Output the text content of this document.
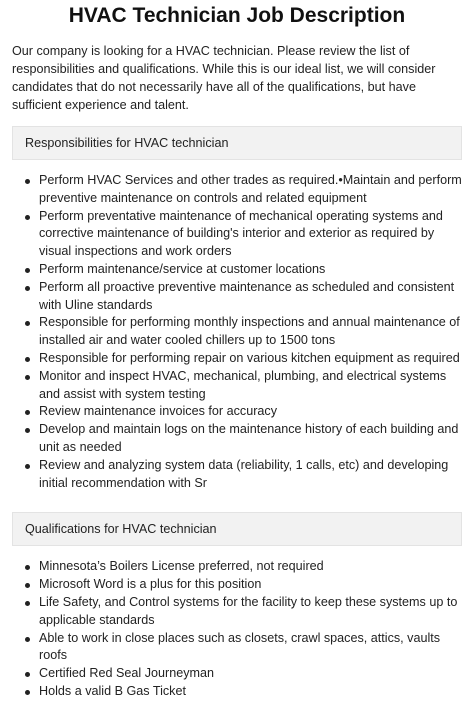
HVAC Technician Job Description

Our company is looking for a HVAC technician. Please review the list of responsibilities and qualifications. While this is our ideal list, we will consider candidates that do not necessarily have all of the qualifications, but have sufficient experience and talent.

Responsibilities for HVAC technician
Perform HVAC Services and other trades as required.•Maintain and perform preventive maintenance on controls and related equipment
Perform preventative maintenance of mechanical operating systems and corrective maintenance of building's interior and exterior as required by visual inspections and work orders
Perform maintenance/service at customer locations
Perform all proactive preventive maintenance as scheduled and consistent with Uline standards
Responsible for performing monthly inspections and annual maintenance of installed air and water cooled chillers up to 1500 tons
Responsible for performing repair on various kitchen equipment as required
Monitor and inspect HVAC, mechanical, plumbing, and electrical systems and assist with system testing
Review maintenance invoices for accuracy
Develop and maintain logs on the maintenance history of each building and unit as needed
Review and analyzing system data (reliability, 1 calls, etc) and developing initial recommendation with Sr
Qualifications for HVAC technician
Minnesota’s Boilers License preferred, not required
Microsoft Word is a plus for this position
Life Safety, and Control systems for the facility to keep these systems up to applicable standards
Able to work in close places such as closets, crawl spaces, attics, vaults roofs
Certified Red Seal Journeyman
Holds a valid B Gas Ticket
